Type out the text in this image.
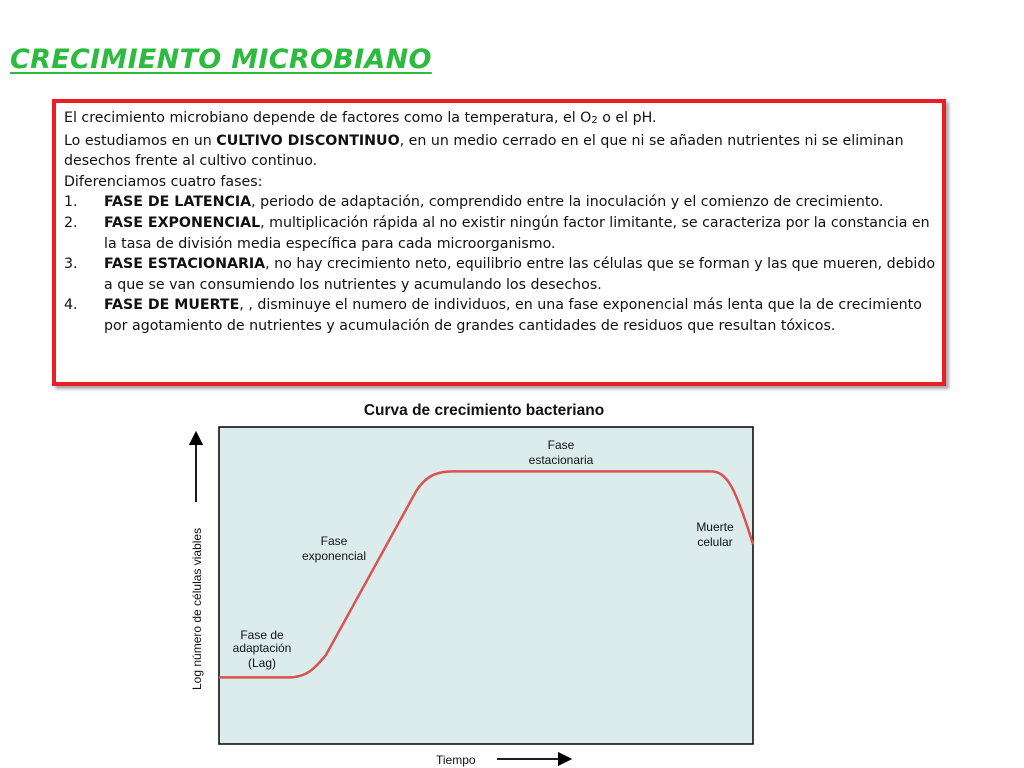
CRECIMIENTO MICROBIANO

El crecimiento microbiano depende de factores como la temperatura, el $O_2$ o el pH.

Lo estudiamos en un CULTIVO DISCONTINUO, en un medio cerrado en el que ni se añaden nutrientes ni se eliminan desechos frente al cultivo continuo.

Diferenciamos cuatro fases:

1. FASE DE LATENCIA, periodo de adaptación, comprendido entre la inoculación y el comienzo de crecimiento.
2. FASE EXPONENCIAL, multiplicación rápida al no existir ningún factor limitante, se caracteriza por la constancia en la tasa de división media específica para cada microorganismo.
3. FASE ESTACIONARIA, no hay crecimiento neto, equilibrio entre las células que se forman y las que mueren, debido a que se van consumiendo los nutrientes y acumulando los desechos.
4. FASE DE MUERTE, , disminuye el numero de individuos, en una fase exponencial más lenta que la de crecimiento por agotamiento de nutrientes y acumulación de grandes cantidades de residuos que resultan tóxicos.
Curva de crecimiento bacteriano
Log número de células viables
Tiempo
Fase de
adaptación
(Lag)
Fase
exponencial
Fase
estacionaria
Muerte
celular
